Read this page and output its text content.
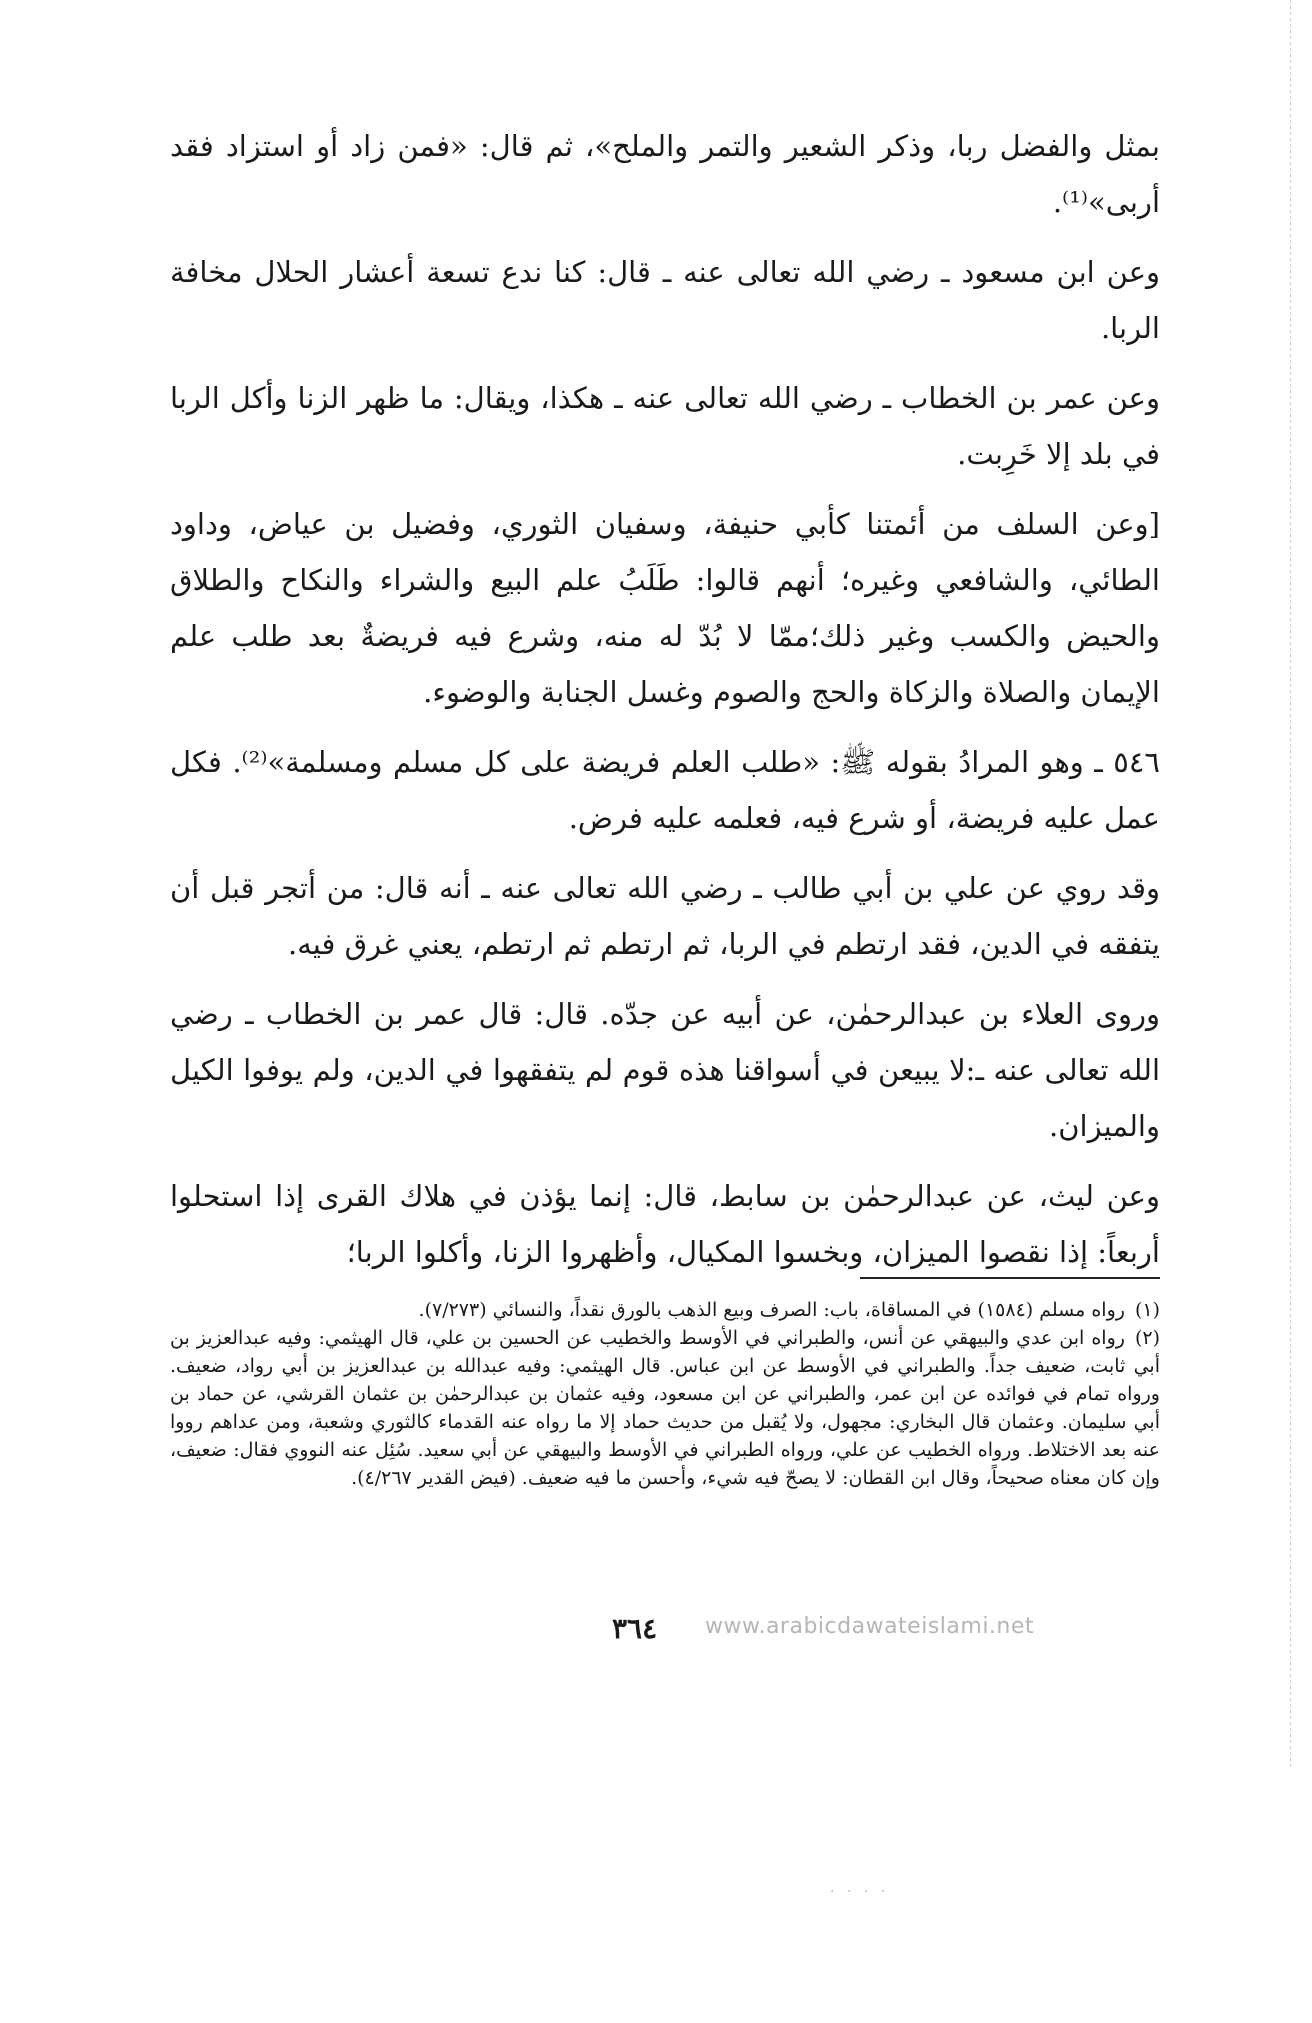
بمثل والفضل ربا، وذكر الشعير والتمر والملح»، ثم قال: «فمن زاد أو استزاد فقد أربى»⁽¹⁾.

وعن ابن مسعود ـ رضي الله تعالى عنه ـ قال: كنا ندع تسعة أعشار الحلال مخافة الربا.

وعن عمر بن الخطاب ـ رضي الله تعالى عنه ـ هكذا، ويقال: ما ظهر الزنا وأكل الربا في بلد إلا خَرِبت.

[وعن السلف من أئمتنا كأبي حنيفة، وسفيان الثوري، وفضيل بن عياض، وداود الطائي، والشافعي وغيره؛ أنهم قالوا: طَلَبُ علم البيع والشراء والنكاح والطلاق والحيض والكسب وغير ذلك؛ممّا لا بُدّ له منه، وشرع فيه فريضةٌ بعد طلب علم الإيمان والصلاة والزكاة والحج والصوم وغسل الجنابة والوضوء.

٥٤٦ ـ وهو المرادُ بقوله ﷺ: «طلب العلم فريضة على كل مسلم ومسلمة»⁽²⁾. فكل عمل عليه فريضة، أو شرع فيه، فعلمه عليه فرض.

وقد روي عن علي بن أبي طالب ـ رضي الله تعالى عنه ـ أنه قال: من أتجر قبل أن يتفقه في الدين، فقد ارتطم في الربا، ثم ارتطم ثم ارتطم، يعني غرق فيه.

وروى العلاء بن عبدالرحمٰن، عن أبيه عن جدّه. قال: قال عمر بن الخطاب ـ رضي الله تعالى عنه ـ:لا يبيعن في أسواقنا هذه قوم لم يتفقهوا في الدين، ولم يوفوا الكيل والميزان.

وعن ليث، عن عبدالرحمٰن بن سابط، قال: إنما يؤذن في هلاك القرى إذا استحلوا أربعاً: إذا نقصوا الميزان، وبخسوا المكيال، وأظهروا الزنا، وأكلوا الربا؛

(١)رواه مسلم (١٥٨٤) في المساقاة، باب: الصرف وبيع الذهب بالورق نقداً، والنسائي (٧/٢٧٣).

(٢)رواه ابن عدي والبيهقي عن أنس، والطبراني في الأوسط والخطيب عن الحسين بن علي، قال الهيثمي: وفيه عبدالعزيز بن أبي ثابت، ضعيف جداً. والطبراني في الأوسط عن ابن عباس. قال الهيثمي: وفيه عبدالله بن عبدالعزيز بن أبي رواد، ضعيف. ورواه تمام في فوائده عن ابن عمر، والطبراني عن ابن مسعود، وفيه عثمان بن عبدالرحمٰن بن عثمان القرشي، عن حماد بن أبي سليمان. وعثمان قال البخاري: مجهول، ولا يُقبل من حديث حماد إلا ما رواه عنه القدماء كالثوري وشعبة، ومن عداهم رووا عنه بعد الاختلاط. ورواه الخطيب عن علي، ورواه الطبراني في الأوسط والبيهقي عن أبي سعيد. سُئِل عنه النووي فقال: ضعيف، وإن كان معناه صحيحاً، وقال ابن القطان: لا يصحّ فيه شيء، وأحسن ما فيه ضعيف. (فيض القدير ٤/٢٦٧).

٣٦٤ www.arabicdawateislami.net
. . . .
